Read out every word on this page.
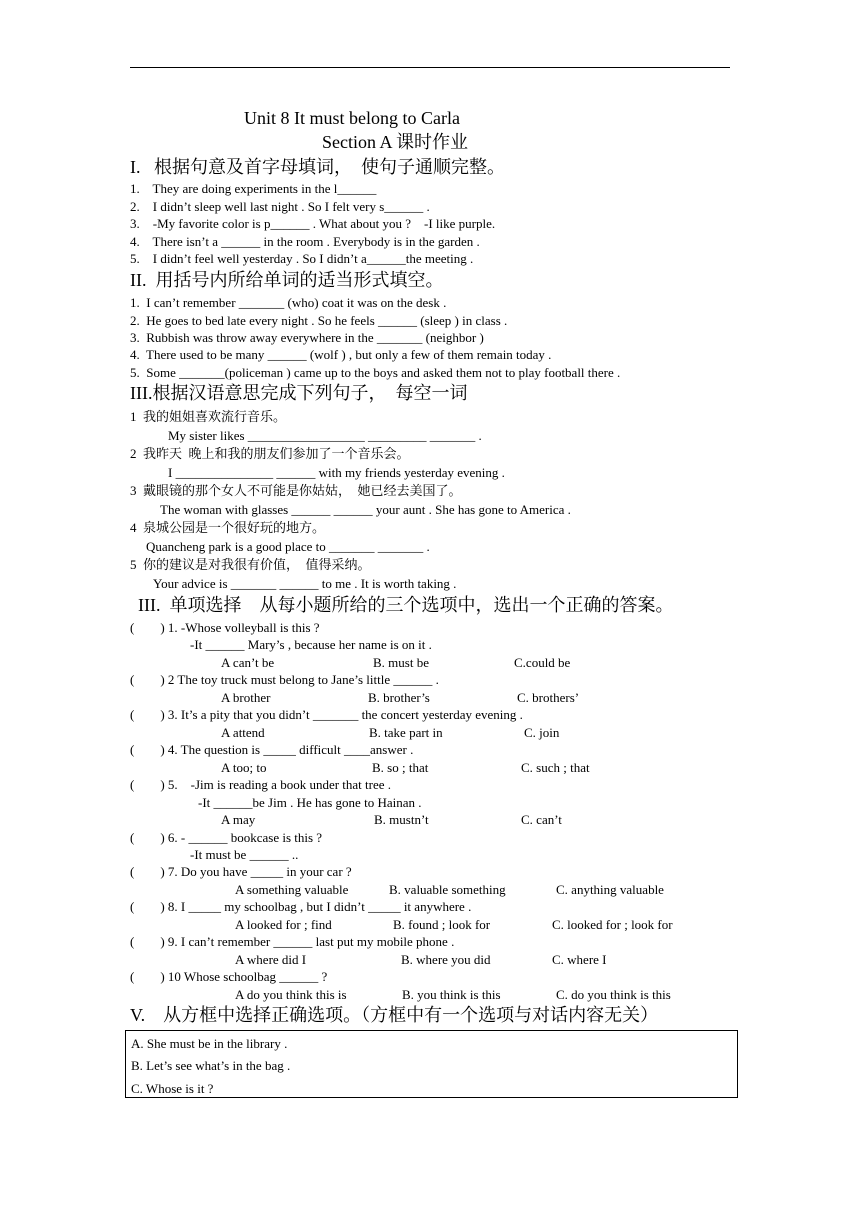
Unit 8 It must belong to Carla
Section A 课时作业
I.   根据句意及首字母填词，  使句子通顺完整。
1.    They are doing experiments in the l______
2.    I didn’t sleep well last night . So I felt very s______ .
3.    -My favorite color is p______ . What about you ?    -I like purple.
4.    There isn’t a ______ in the room . Everybody is in the garden .
5.    I didn’t feel well yesterday . So I didn’t a______the meeting .
II.  用括号内所给单词的适当形式填空。
1.  I can’t remember _______ (who) coat it was on the desk .
2.  He goes to bed late every night . So he feels ______ (sleep ) in class .
3.  Rubbish was throw away everywhere in the _______ (neighbor )
4.  There used to be many ______ (wolf ) , but only a few of them remain today .
5.  Some _______(policeman ) came up to the boys and asked them not to play football there .
III.根据汉语意思完成下列句子，  每空一词
1  我的姐姐喜欢流行音乐。
My sister likes __________________ _________ _______ .
2  我昨天  晚上和我的朋友们参加了一个音乐会。
I _______________ ______ with my friends yesterday evening .
3  戴眼镜的那个女人不可能是你姑姑，  她已经去美国了。
The woman with glasses ______ ______ your aunt . She has gone to America .
4  泉城公园是一个很好玩的地方。
Quancheng park is a good place to _______ _______ .
5  你的建议是对我很有价值，  值得采纳。
Your advice is _______ ______ to me . It is worth taking .
III.  单项选择    从每小题所给的三个选项中，选出一个正确的答案。
(        ) 1. -Whose volleyball is this ?
-It ______ Mary’s , because her name is on it .
A can’t be	B. must be	C.could be
(        ) 2 The toy truck must belong to Jane’s little ______ .
A brother	B. brother’s	C. brothers’
(        ) 3. It’s a pity that you didn’t _______ the concert yesterday evening .
A attend	B. take part in	C. join
(        ) 4. The question is _____ difficult ____answer .
A too; to	B. so ; that	C. such ; that
(        ) 5.    -Jim is reading a book under that tree .
-It ______be Jim . He has gone to Hainan .
A may	B. mustn’t	C. can’t
(        ) 6. - ______ bookcase is this ?
-It must be ______ ..
(        ) 7. Do you have _____ in your car ?
A something valuable	B. valuable something	C. anything valuable
(        ) 8. I _____ my schoolbag , but I didn’t _____ it anywhere .
A looked for ; find	B. found ; look for	C. looked for ; look for
(        ) 9. I can’t remember ______ last put my mobile phone .
A where did I	B. where you did	C. where I
(        ) 10 Whose schoolbag ______ ?
A do you think this is	B. you think is this	C. do you think is this
V.    从方框中选择正确选项。（方框中有一个选项与对话内容无关）
A. She must be in the library .
B. Let’s see what’s in the bag .
C. Whose is it ?
